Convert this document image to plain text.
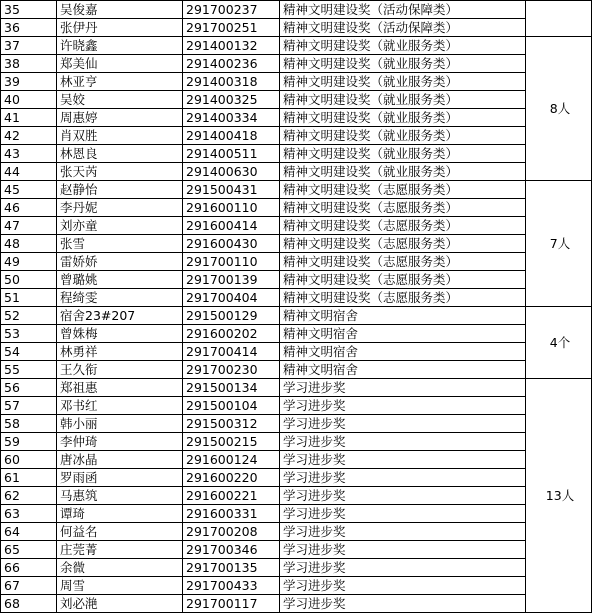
35	吴俊嘉	291700237	精神文明建设奖（活动保障类）	
36	张伊丹	291700251	精神文明建设奖（活动保障类）	
37	许晓鑫	291400132	精神文明建设奖（就业服务类）	8人
38	郑美仙	291400236	精神文明建设奖（就业服务类）	
39	林亚亨	291400318	精神文明建设奖（就业服务类）	
40	吴姣	291400325	精神文明建设奖（就业服务类）	
41	周惠婷	291400334	精神文明建设奖（就业服务类）	
42	肖双胜	291400418	精神文明建设奖（就业服务类）	
43	林恩良	291400511	精神文明建设奖（就业服务类）	
44	张天芮	291400630	精神文明建设奖（就业服务类）	
45	赵静怡	291500431	精神文明建设奖（志愿服务类）	7人
46	李丹妮	291600110	精神文明建设奖（志愿服务类）	
47	刘亦童	291600414	精神文明建设奖（志愿服务类）	
48	张雪	291600430	精神文明建设奖（志愿服务类）	
49	雷娇娇	291700110	精神文明建设奖（志愿服务类）	
50	曾璐姚	291700139	精神文明建设奖（志愿服务类）	
51	程绮雯	291700404	精神文明建设奖（志愿服务类）	
52	宿舍23#207	291500129	精神文明宿舍	4个
53	曾姝梅	291600202	精神文明宿舍	
54	林勇祥	291700414	精神文明宿舍	
55	王久衔	291700230	精神文明宿舍	
56	郑祖惠	291500134	学习进步奖	13人
57	邓书红	291500104	学习进步奖	
58	韩小丽	291500312	学习进步奖	
59	李仲琦	291500215	学习进步奖	
60	唐冰晶	291600124	学习进步奖	
61	罗雨函	291600220	学习进步奖	
62	马惠筑	291600221	学习进步奖	
63	谭琦	291600331	学习进步奖	
64	何益名	291700208	学习进步奖	
65	庄莞菁	291700346	学习进步奖	
66	余微	291700135	学习进步奖	
67	周雪	291700433	学习进步奖	
68	刘必滟	291700117	学习进步奖	
